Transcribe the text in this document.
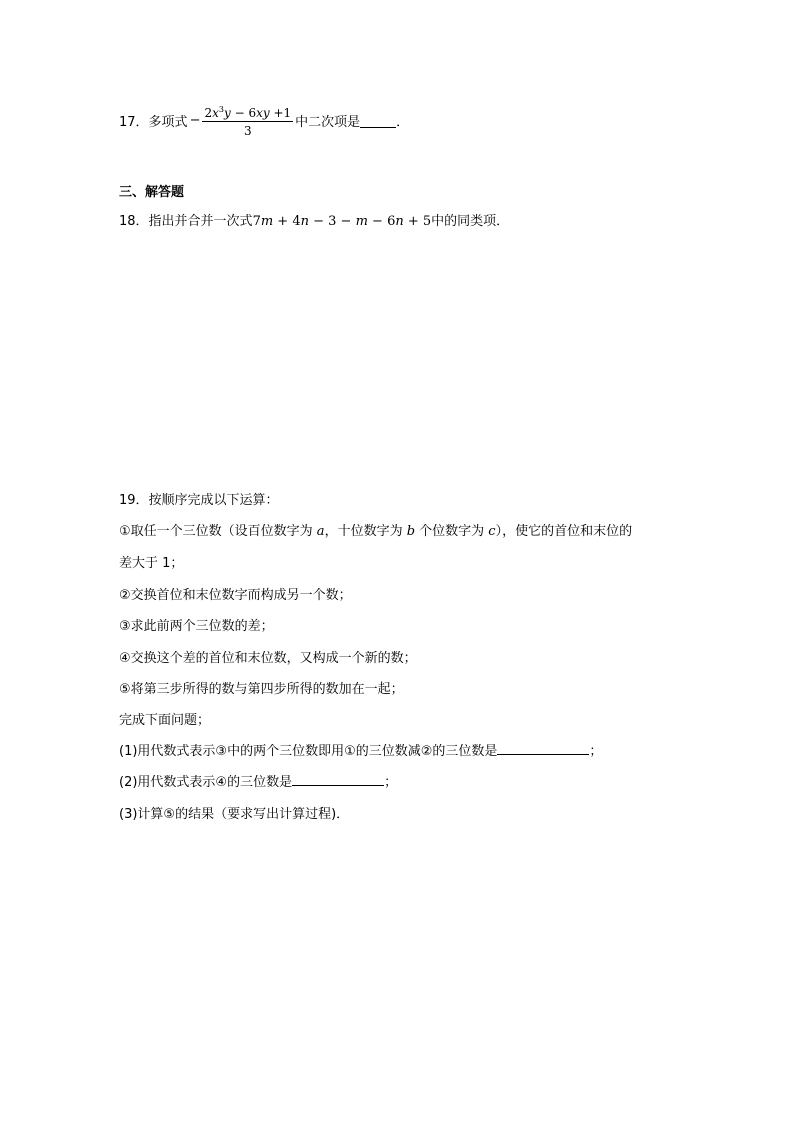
17． 多项式 − $\frac{2x^3y - 6xy +1}{3}$ 中二次项是	．
三、解答题
18．指出并合并一次式7m + 4n − 3 − m − 6n + 5中的同类项．
19．按顺序完成以下运算：
①取任一个三位数（设百位数字为 a，十位数字为 b 个位数字为 c），使它的首位和末位的
差大于 1；
②交换首位和末位数字而构成另一个数；
③求此前两个三位数的差；
④交换这个差的首位和末位数，又构成一个新的数；
⑤将第三步所得的数与第四步所得的数加在一起；
完成下面问题；
(1)用代数式表示③中的两个三位数即用①的三位数减②的三位数是	；
(2)用代数式表示④的三位数是	；
(3)计算⑤的结果（要求写出计算过程)．
